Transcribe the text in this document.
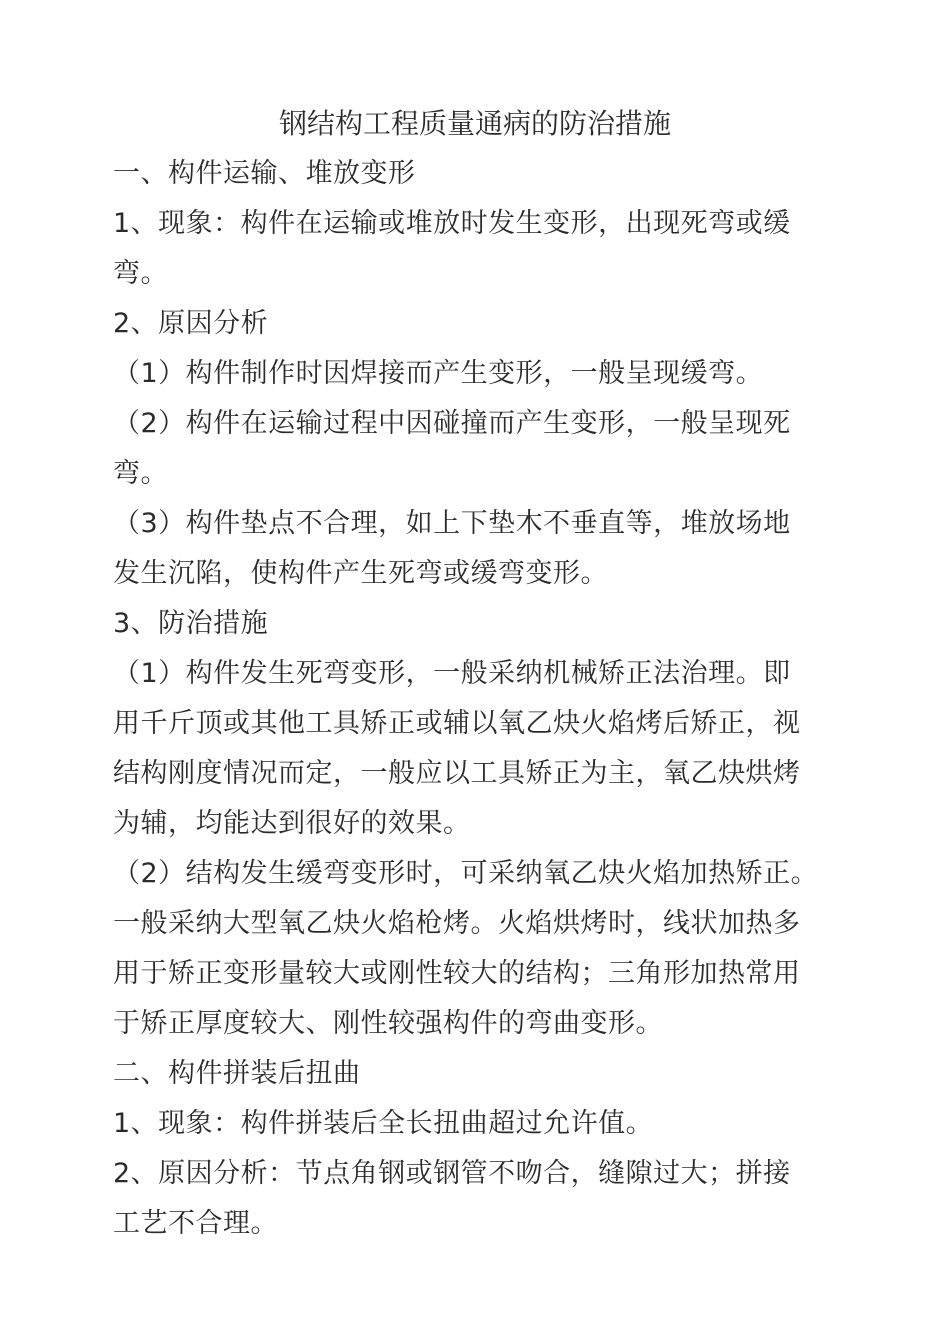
钢结构工程质量通病的防治措施
一、构件运输、堆放变形
1、现象：构件在运输或堆放时发生变形，出现死弯或缓
弯。
2、原因分析
（1）构件制作时因焊接而产生变形，一般呈现缓弯。
（2）构件在运输过程中因碰撞而产生变形，一般呈现死
弯。
（3）构件垫点不合理，如上下垫木不垂直等，堆放场地
发生沉陷，使构件产生死弯或缓弯变形。
3、防治措施
（1）构件发生死弯变形，一般采纳机械矫正法治理。即
用千斤顶或其他工具矫正或辅以氧乙炔火焰烤后矫正，视
结构刚度情况而定，一般应以工具矫正为主，氧乙炔烘烤
为辅，均能达到很好的效果。
（2）结构发生缓弯变形时，可采纳氧乙炔火焰加热矫正。
一般采纳大型氧乙炔火焰枪烤。火焰烘烤时，线状加热多
用于矫正变形量较大或刚性较大的结构；三角形加热常用
于矫正厚度较大、刚性较强构件的弯曲变形。
二、构件拼装后扭曲
1、现象：构件拼装后全长扭曲超过允许值。
2、原因分析：节点角钢或钢管不吻合，缝隙过大；拼接
工艺不合理。
